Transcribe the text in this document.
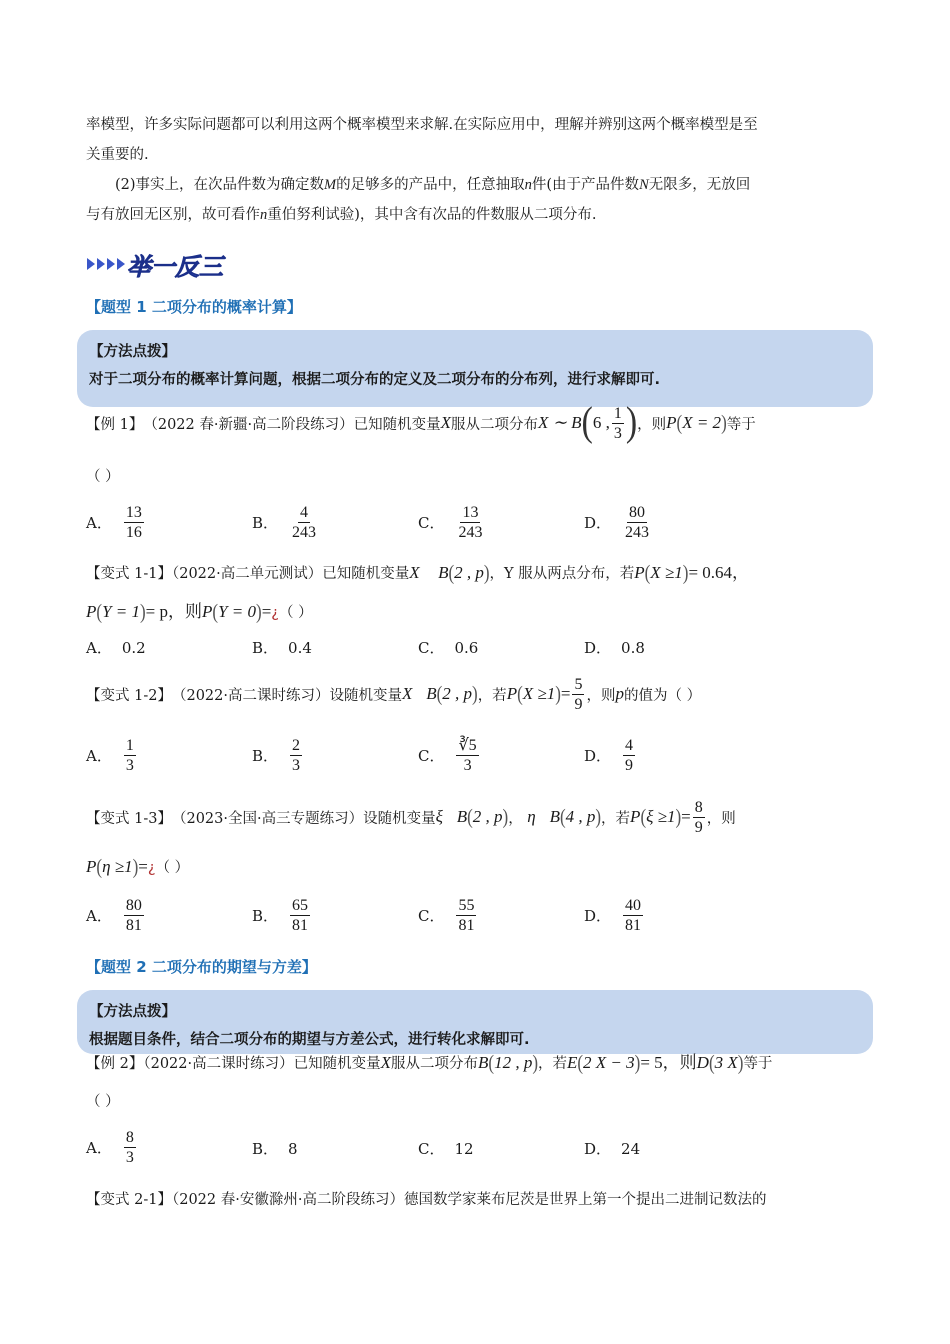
率模型，许多实际问题都可以利用这两个概率模型来求解.在实际应用中，理解并辨别这两个概率模型是至

关重要的.

(2)事实上，在次品件数为确定数M的足够多的产品中，任意抽取n件(由于产品件数N无限多，无放回

与有放回无区别，故可看作n重伯努利试验)，其中含有次品的件数服从二项分布.

举一反三
【题型 1 二项分布的概率计算】
【方法点拨】
对于二项分布的概率计算问题，根据二项分布的定义及二项分布的分布列，进行求解即可.
【例 1】 （2022 春·新疆·高二阶段练习）已知随机变量 X 服从二项分布 X ∼ B ( 6 , $\frac{1}{3}$ ) ，则 P ( X = 2 ) 等于
（ ）
A． $\frac{13}{16}$	B． $\frac{4}{243}$	C． $\frac{13}{243}$	D． $\frac{80}{243}$
【变式 1-1】（2022·高二单元测试）已知随机变量X B(2 , p)，Y 服从两点分布，若P(X ≥1)= 0.64，
P(Y = 1)= p，则P(Y = 0)=¿（ ）
A． 0.2	B． 0.4	C． 0.6	D． 0.8
【变式 1-2】 （2022·高二课时练习）设随机变量 X
B ( 2 , p ) ，若 P ( X ≥1 ) = $\frac{5}{9}$ ，则 p 的值为（ ）
A． $\frac{1}{3}$	B． $\frac{2}{3}$	C． $\frac{∛5}{3}$	D． $\frac{4}{9}$
【变式 1-3】 （2023·全国·高三专题练习）设随机变量 ξ
B ( 2 , p ) ， η
B ( 4 , p ) ，若 P ( ξ ≥1 ) = $\frac{8}{9}$ ，则
P(η ≥1)=¿（ ）
A． $\frac{80}{81}$	B． $\frac{65}{81}$	C． $\frac{55}{81}$	D． $\frac{40}{81}$
【题型 2 二项分布的期望与方差】
【方法点拨】
根据题目条件，结合二项分布的期望与方差公式，进行转化求解即可.
【例 2】（2022·高二课时练习）已知随机变量X服从二项分布B(12 , p)，若E(2 X − 3)= 5，则D(3 X)等于
（ ）
A． $\frac{8}{3}$	B． 8	C． 12	D． 24
【变式 2-1】（2022 春·安徽滁州·高二阶段练习）德国数学家莱布尼茨是世界上第一个提出二进制记数法的
